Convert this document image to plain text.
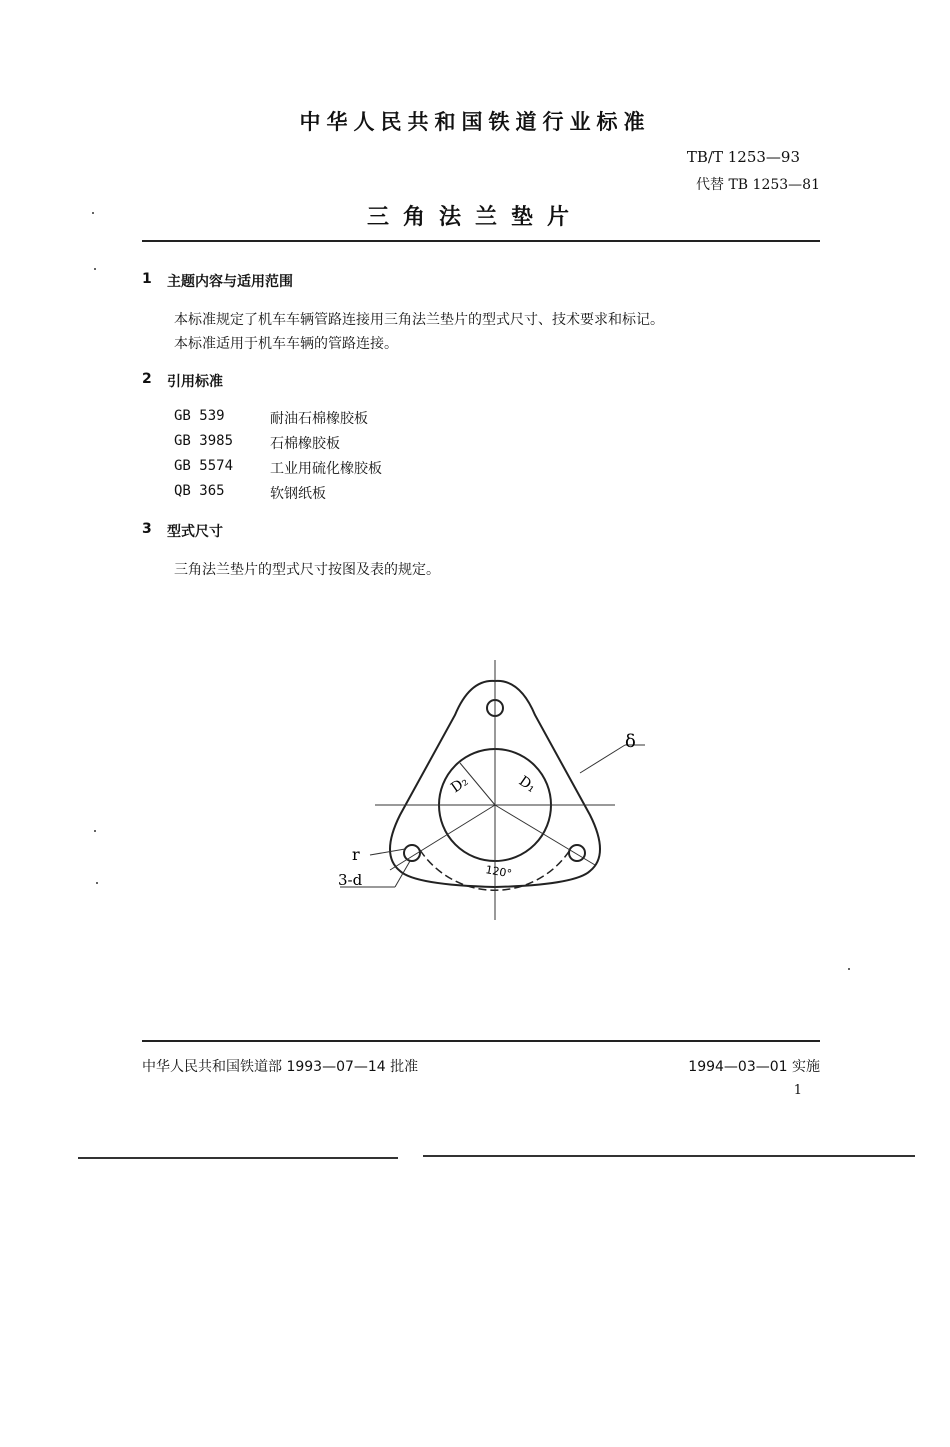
中华人民共和国铁道行业标准
TB/T 1253—93
代替 TB 1253—81
三角法兰垫片
1 主题内容与适用范围
本标准规定了机车车辆管路连接用三角法兰垫片的型式尺寸、技术要求和标记。
本标准适用于机车车辆的管路连接。
2 引用标准
GB 539	耐油石棉橡胶板
GB 3985	石棉橡胶板
GB 5574	工业用硫化橡胶板
QB 365	软钢纸板
3 型式尺寸
三角法兰垫片的型式尺寸按图及表的规定。
D₂	D₁
δ
r
120°
3-d
中华人民共和国铁道部 1993—07—14 批准	1994—03—01 实施
1
